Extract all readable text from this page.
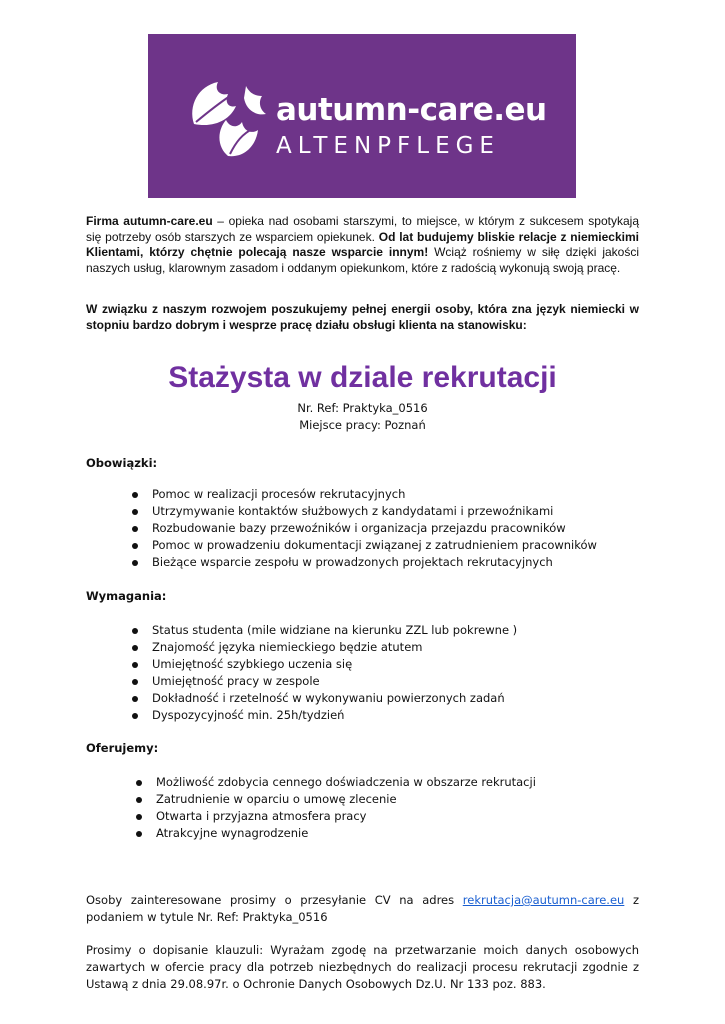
autumn-care.eu
ALTENPFLEGE

Firma autumn-care.eu – opieka nad osobami starszymi, to miejsce, w którym z sukcesem spotykają się potrzeby osób starszych ze wsparciem opiekunek. Od lat budujemy bliskie relacje z niemieckimi Klientami, którzy chętnie polecają nasze wsparcie innym! Wciąż rośniemy w siłę dzięki jakości naszych usług, klarownym zasadom i oddanym opiekunkom, które z radością wykonują swoją pracę.

W związku z naszym rozwojem poszukujemy pełnej energii osoby, która zna język niemiecki w stopniu bardzo dobrym i wesprze pracę działu obsługi klienta na stanowisku:

Stażysta w dziale rekrutacji
Nr. Ref: Praktyka_0516
Miejsce pracy: Poznań
Obowiązki:
Pomoc w realizacji procesów rekrutacyjnych
Utrzymywanie kontaktów służbowych z kandydatami i przewoźnikami
Rozbudowanie bazy przewoźników i organizacja przejazdu pracowników
Pomoc w prowadzeniu dokumentacji związanej z zatrudnieniem pracowników
Bieżące wsparcie zespołu w prowadzonych projektach rekrutacyjnych
Wymagania:
Status studenta (mile widziane na kierunku ZZL lub pokrewne )
Znajomość języka niemieckiego będzie atutem
Umiejętność szybkiego uczenia się
Umiejętność pracy w zespole
Dokładność i rzetelność w wykonywaniu powierzonych zadań
Dyspozycyjność min. 25h/tydzień
Oferujemy:
Możliwość zdobycia cennego doświadczenia w obszarze rekrutacji
Zatrudnienie w oparciu o umowę zlecenie
Otwarta i przyjazna atmosfera pracy
Atrakcyjne wynagrodzenie

Osoby zainteresowane prosimy o przesyłanie CV na adres rekrutacja@autumn-care.eu z podaniem w tytule Nr. Ref: Praktyka_0516

Prosimy o dopisanie klauzuli: Wyrażam zgodę na przetwarzanie moich danych osobowych zawartych w ofercie pracy dla potrzeb niezbędnych do realizacji procesu rekrutacji zgodnie z Ustawą z dnia 29.08.97r. o Ochronie Danych Osobowych Dz.U. Nr 133 poz. 883.
